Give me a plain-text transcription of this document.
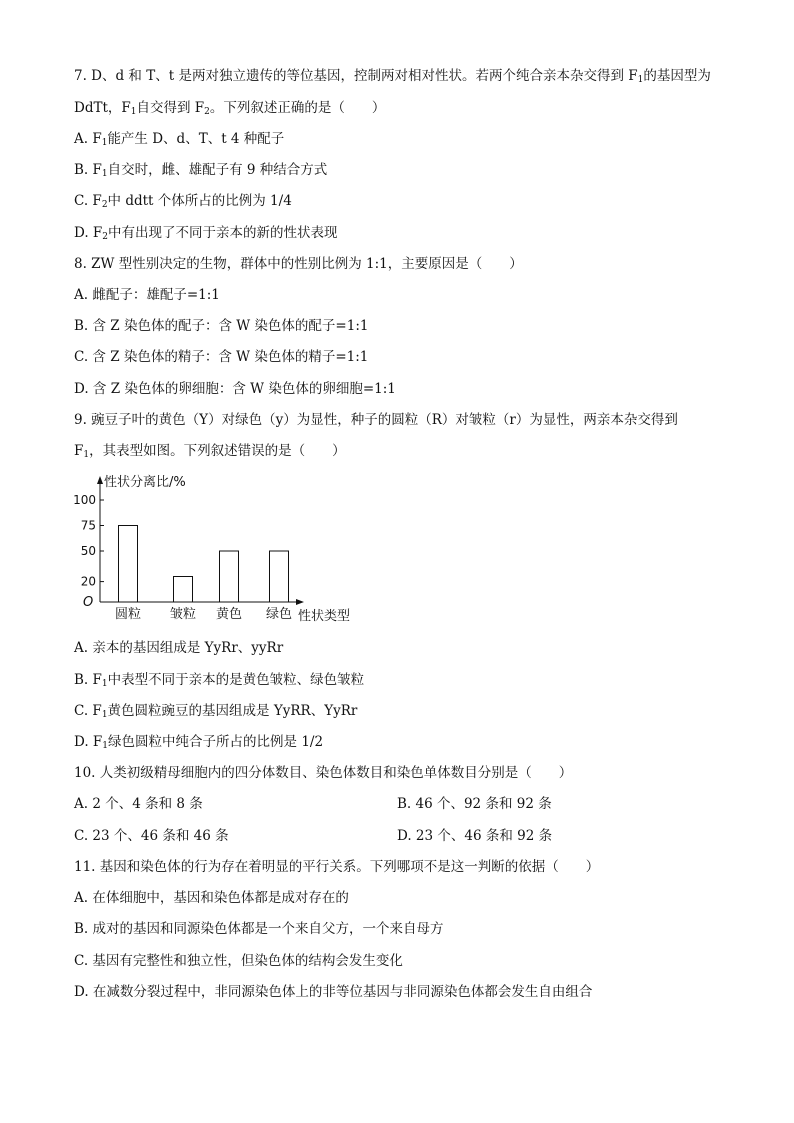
7. D、d 和 T、t 是两对独立遗传的等位基因，控制两对相对性状。若两个纯合亲本杂交得到 $F_1$的基因型为
DdTt，$F_1$自交得到 $F_2$。下列叙述正确的是（　　）
A. $F_1$能产生 D、d、T、t 4 种配子
B. $F_1$自交时，雌、雄配子有 9 种结合方式
C. $F_2$中 ddtt 个体所占的比例为 1/4
D. $F_2$中有出现了不同于亲本的新的性状表现
8. ZW 型性别决定的生物，群体中的性别比例为 1:1，主要原因是（　　）
A. 雌配子：雄配子=1:1
B. 含 Z 染色体的配子：含 W 染色体的配子=1:1
C. 含 Z 染色体的精子：含 W 染色体的精子=1:1
D. 含 Z 染色体的卵细胞：含 W 染色体的卵细胞=1:1
9. 豌豆子叶的黄色（Y）对绿色（y）为显性，种子的圆粒（R）对皱粒（r）为显性，两亲本杂交得到
$F_1$，其表型如图。下列叙述错误的是（　　）
20
50
75
100
圆粒 皱粒 黄色 绿色
性状分离比/%
性状类型
O
A. 亲本的基因组成是 YyRr、yyRr
B. $F_1$中表型不同于亲本的是黄色皱粒、绿色皱粒
C. $F_1$黄色圆粒豌豆的基因组成是 YyRR、YyRr
D. $F_1$绿色圆粒中纯合子所占的比例是 1/2
10. 人类初级精母细胞内的四分体数目、染色体数目和染色单体数目分别是（　　）
A. 2 个、4 条和 8 条	B. 46 个、92 条和 92 条
C. 23 个、46 条和 46 条	D. 23 个、46 条和 92 条
11. 基因和染色体的行为存在着明显的平行关系。下列哪项不是这一判断的依据（　　）
A. 在体细胞中，基因和染色体都是成对存在的
B. 成对的基因和同源染色体都是一个来自父方，一个来自母方
C. 基因有完整性和独立性，但染色体的结构会发生变化
D. 在减数分裂过程中，非同源染色体上的非等位基因与非同源染色体都会发生自由组合
